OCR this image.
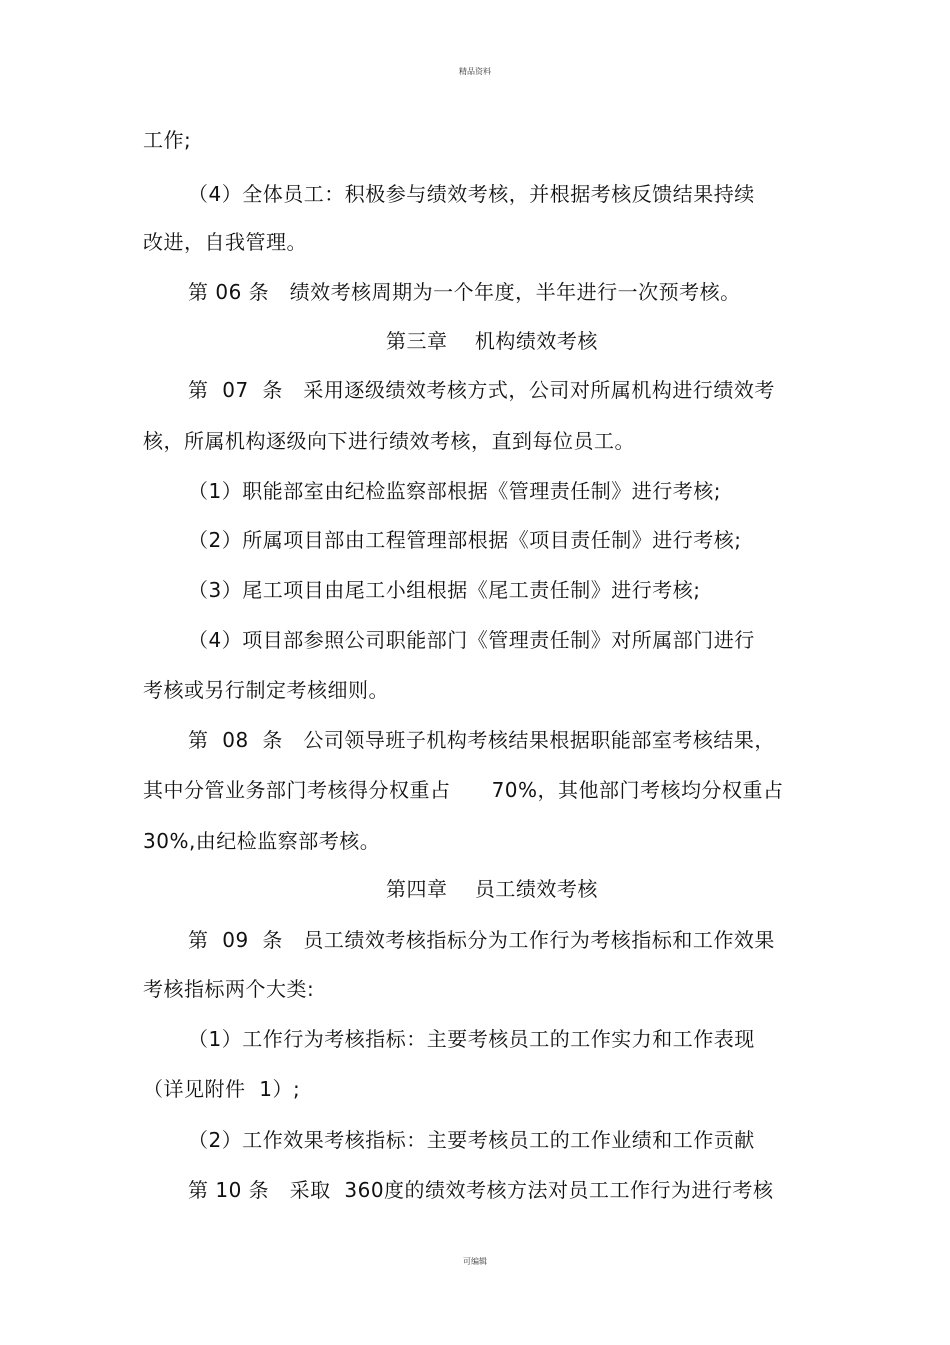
精品资料
工作;
（4）全体员工：积极参与绩效考核，并根据考核反馈结果持续
改进，自我管理。
第 06 条　绩效考核周期为一个年度，半年进行一次预考核。
第三章　 机构绩效考核
第  07  条　采用逐级绩效考核方式，公司对所属机构进行绩效考
核，所属机构逐级向下进行绩效考核，直到每位员工。
（1）职能部室由纪检监察部根据《管理责任制》进行考核;
（2）所属项目部由工程管理部根据《项目责任制》进行考核;
（3）尾工项目由尾工小组根据《尾工责任制》进行考核;
（4）项目部参照公司职能部门《管理责任制》对所属部门进行
考核或另行制定考核细则。
第  08  条　公司领导班子机构考核结果根据职能部室考核结果，
其中分管业务部门考核得分权重占　   70%，其他部门考核均分权重占
30%,由纪检监察部考核。
第四章　 员工绩效考核
第  09  条　员工绩效考核指标分为工作行为考核指标和工作效果
考核指标两个大类:
（1）工作行为考核指标：主要考核员工的工作实力和工作表现
（详见附件  1）;
（2）工作效果考核指标：主要考核员工的工作业绩和工作贡献
第 10 条　采取  360度的绩效考核方法对员工工作行为进行考核
可编辑
